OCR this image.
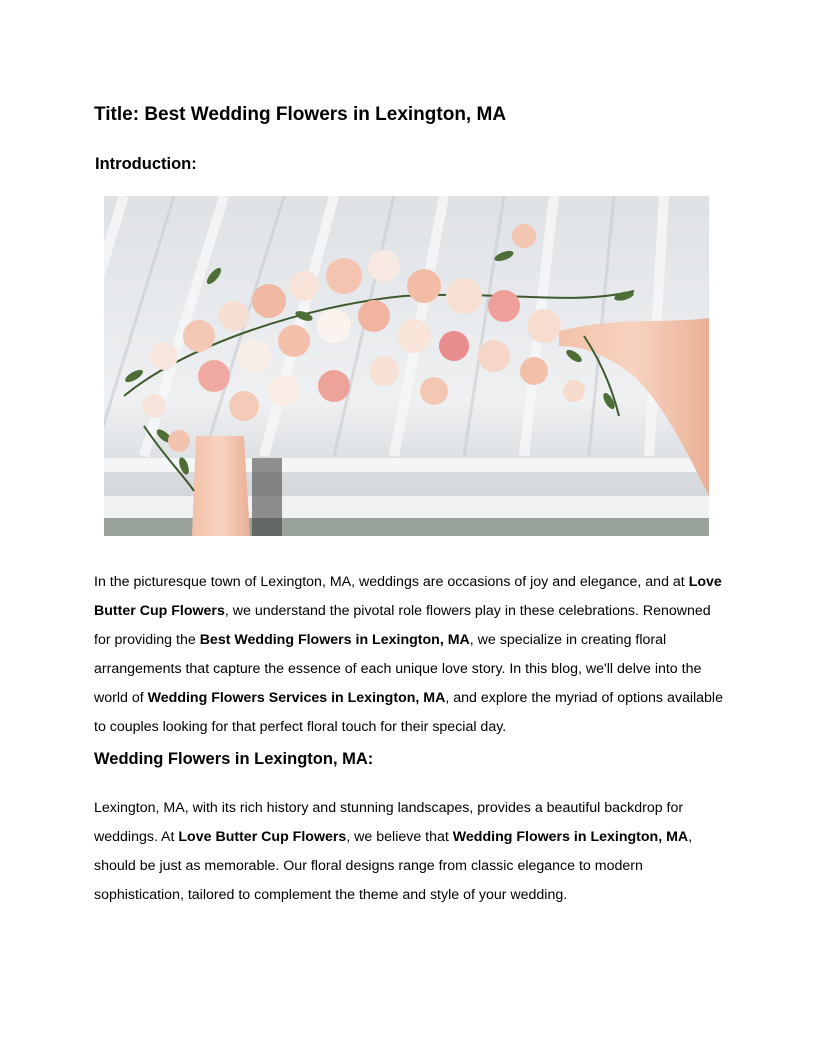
Title: Best Wedding Flowers in Lexington, MA
Introduction:

In the picturesque town of Lexington, MA, weddings are occasions of joy and elegance, and at Love Butter Cup Flowers, we understand the pivotal role flowers play in these celebrations. Renowned for providing the Best Wedding Flowers in Lexington, MA, we specialize in creating floral arrangements that capture the essence of each unique love story. In this blog, we'll delve into the world of Wedding Flowers Services in Lexington, MA, and explore the myriad of options available to couples looking for that perfect floral touch for their special day.

Wedding Flowers in Lexington, MA:

Lexington, MA, with its rich history and stunning landscapes, provides a beautiful backdrop for weddings. At Love Butter Cup Flowers, we believe that Wedding Flowers in Lexington, MA, should be just as memorable. Our floral designs range from classic elegance to modern sophistication, tailored to complement the theme and style of your wedding.
